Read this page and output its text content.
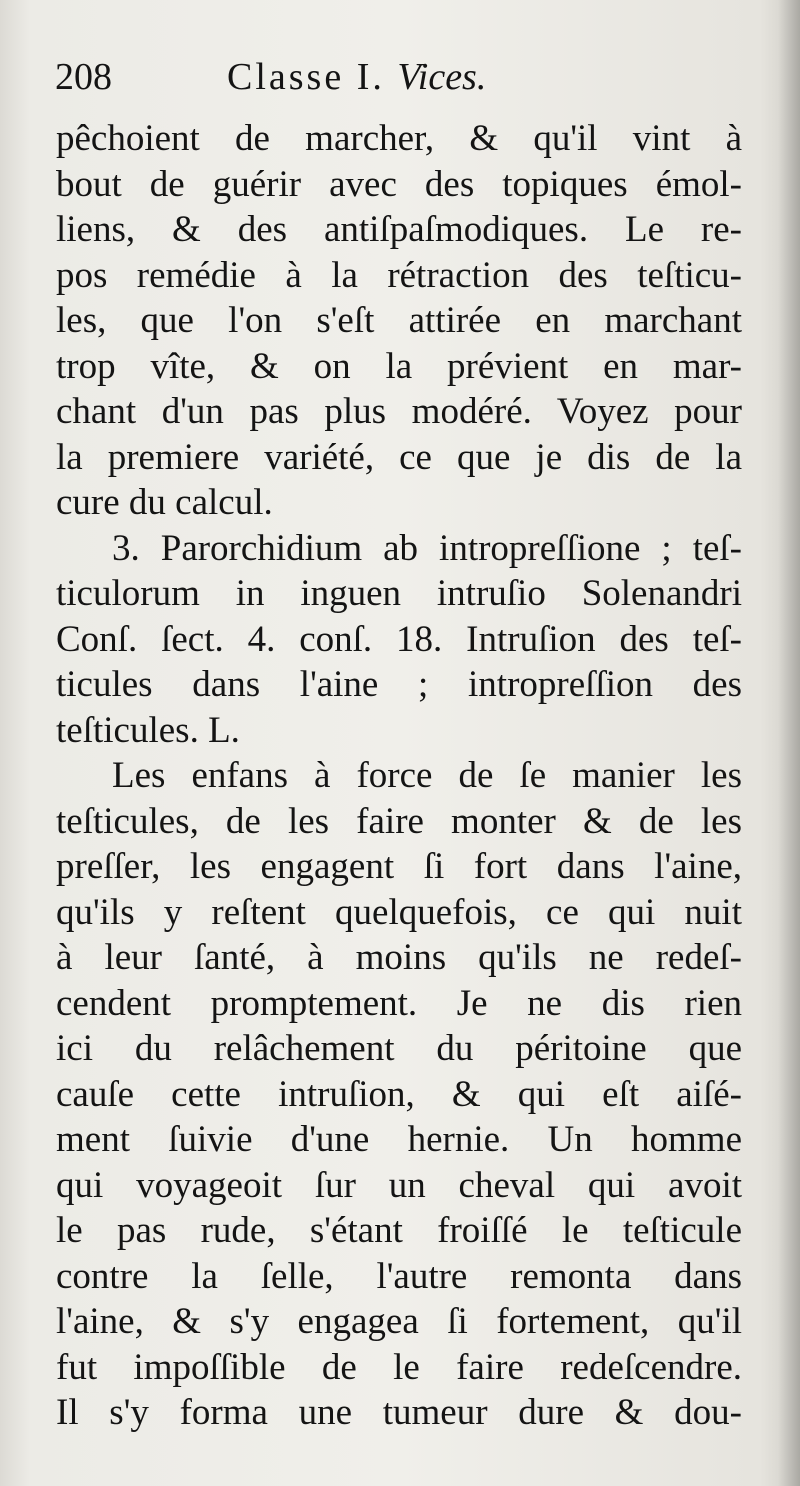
208	Classe I. Vices.
pêchoient de marcher, & qu'il vint à
bout de guérir avec des topiques émol-
liens, & des antiſpaſmodiques. Le re-
pos remédie à la rétraction des teſticu-
les, que l'on s'eſt attirée en marchant
trop vîte, & on la prévient en mar-
chant d'un pas plus modéré. Voyez pour
la premiere variété, ce que je dis de la
cure du calcul.
3. Parorchidium ab intropreſſione ; teſ-
ticulorum in inguen intruſio Solenandri
Conſ. ſect. 4. conſ. 18. Intruſion des teſ-
ticules dans l'aine ; intropreſſion des
teſticules. L.
Les enfans à force de ſe manier les
teſticules, de les faire monter & de les
preſſer, les engagent ſi fort dans l'aine,
qu'ils y reſtent quelquefois, ce qui nuit
à leur ſanté, à moins qu'ils ne redeſ-
cendent promptement. Je ne dis rien
ici du relâchement du péritoine que
cauſe cette intruſion, & qui eſt aiſé-
ment ſuivie d'une hernie. Un homme
qui voyageoit ſur un cheval qui avoit
le pas rude, s'étant froiſſé le teſticule
contre la ſelle, l'autre remonta dans
l'aine, & s'y engagea ſi fortement, qu'il
fut impoſſible de le faire redeſcendre.
Il s'y forma une tumeur dure & dou-
